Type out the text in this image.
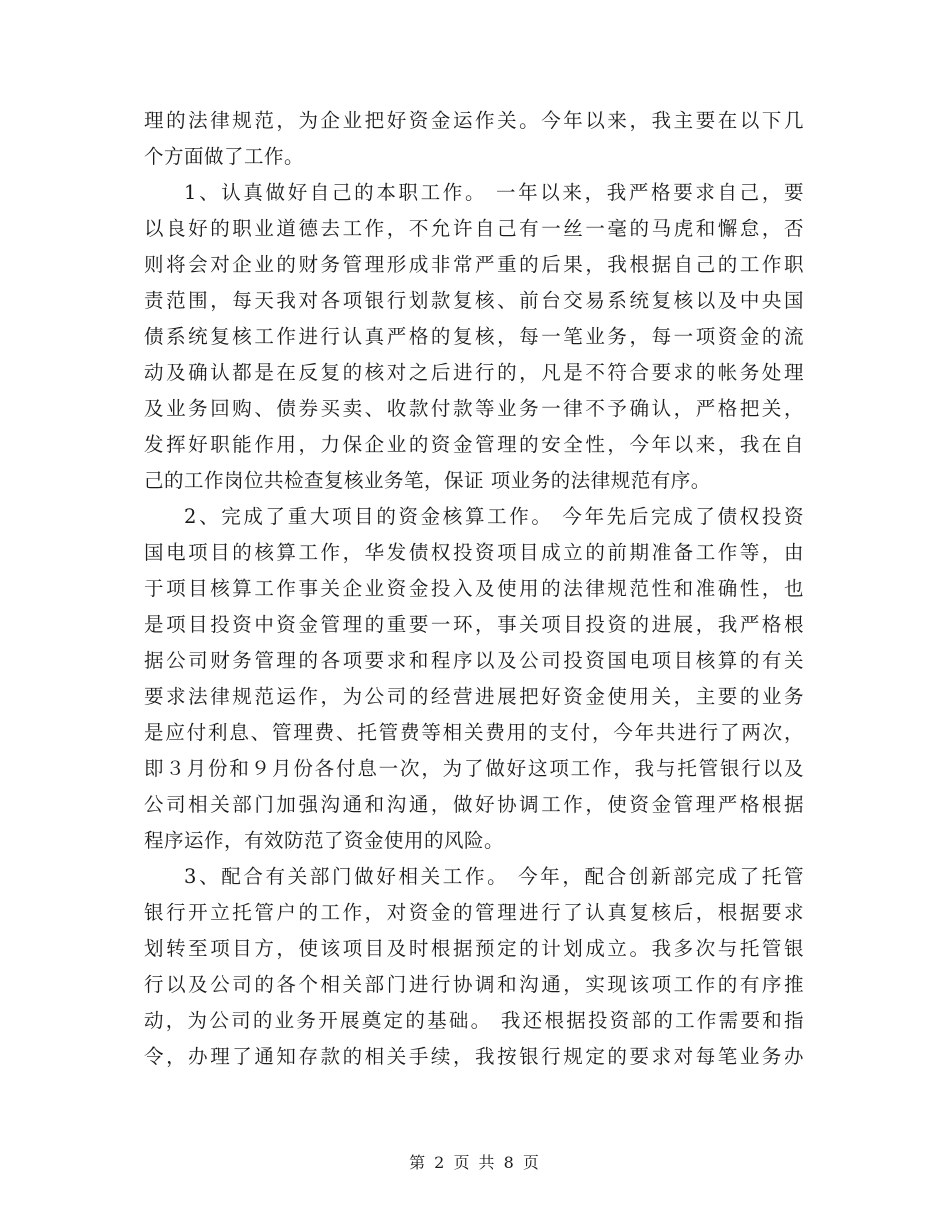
理的法律规范，为企业把好资金运作关。今年以来，我主要在以下几
个方面做了工作。
1、认真做好自己的本职工作。 一年以来，我严格要求自己，要
以良好的职业道德去工作，不允许自己有一丝一毫的马虎和懈怠，否
则将会对企业的财务管理形成非常严重的后果，我根据自己的工作职
责范围，每天我对各项银行划款复核、前台交易系统复核以及中央国
债系统复核工作进行认真严格的复核，每一笔业务，每一项资金的流
动及确认都是在反复的核对之后进行的，凡是不符合要求的帐务处理
及业务回购、债券买卖、收款付款等业务一律不予确认，严格把关，
发挥好职能作用，力保企业的资金管理的安全性，今年以来，我在自
己的工作岗位共检查复核业务笔，保证 项业务的法律规范有序。
2、完成了重大项目的资金核算工作。 今年先后完成了债权投资
国电项目的核算工作，华发债权投资项目成立的前期准备工作等，由
于项目核算工作事关企业资金投入及使用的法律规范性和准确性，也
是项目投资中资金管理的重要一环，事关项目投资的进展，我严格根
据公司财务管理的各项要求和程序以及公司投资国电项目核算的有关
要求法律规范运作，为公司的经营进展把好资金使用关，主要的业务
是应付利息、管理费、托管费等相关费用的支付，今年共进行了两次，
即３月份和９月份各付息一次，为了做好这项工作，我与托管银行以及
公司相关部门加强沟通和沟通，做好协调工作，使资金管理严格根据
程序运作，有效防范了资金使用的风险。
3、配合有关部门做好相关工作。 今年，配合创新部完成了托管
银行开立托管户的工作，对资金的管理进行了认真复核后，根据要求
划转至项目方，使该项目及时根据预定的计划成立。我多次与托管银
行以及公司的各个相关部门进行协调和沟通，实现该项工作的有序推
动，为公司的业务开展奠定的基础。 我还根据投资部的工作需要和指
令，办理了通知存款的相关手续，我按银行规定的要求对每笔业务办
第 2 页 共 8 页
